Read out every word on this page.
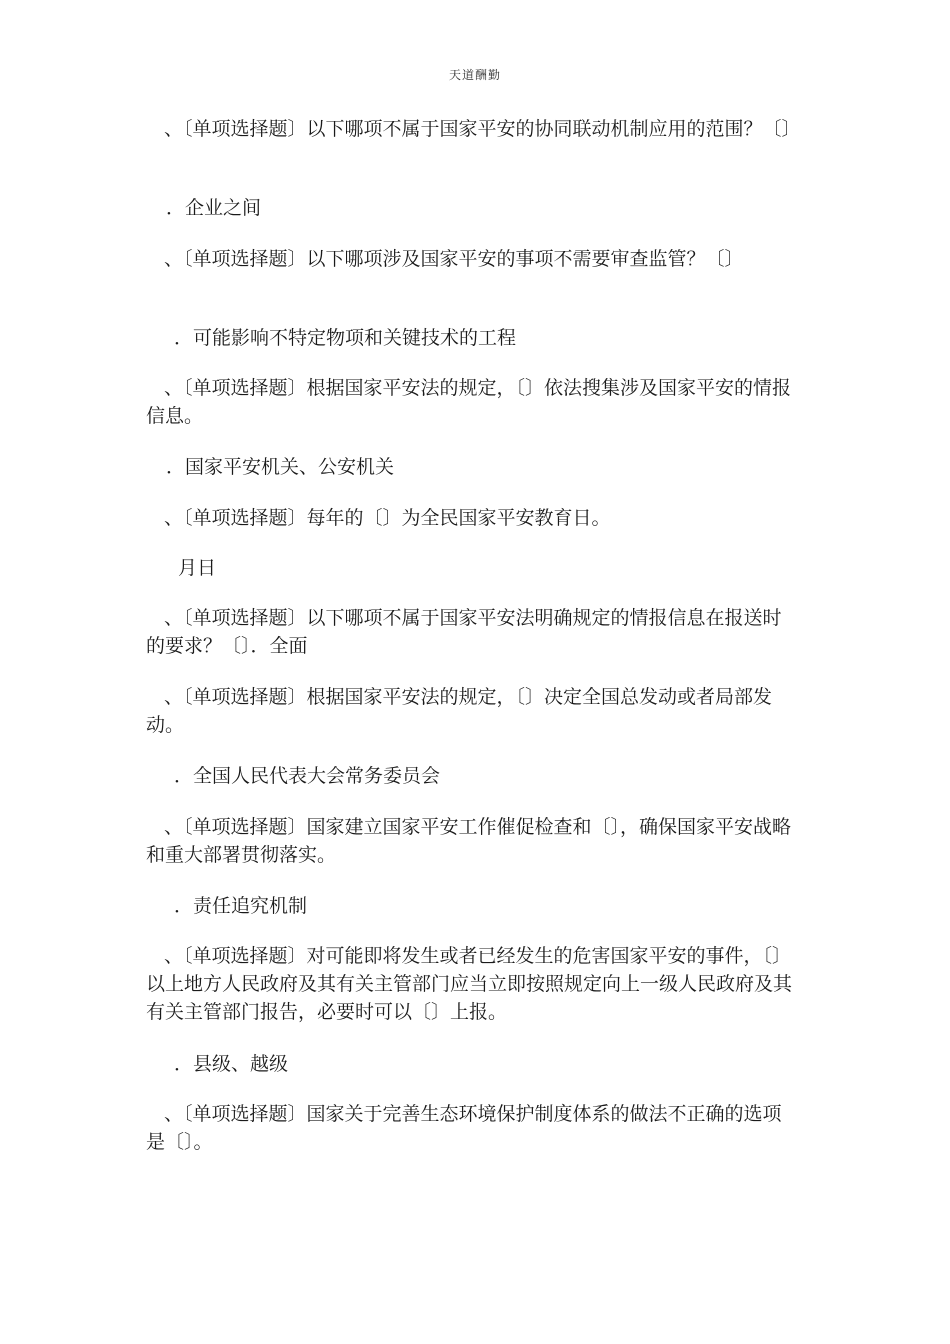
天道酬勤

、〔单项选择题〕以下哪项不属于国家平安的协同联动机制应用的范围？〔〕

．企业之间

、〔单项选择题〕以下哪项涉及国家平安的事项不需要审查监管？〔〕

．可能影响不特定物项和关键技术的工程

、〔单项选择题〕根据国家平安法的规定，〔〕依法搜集涉及国家平安的情报信息。

．国家平安机关、公安机关

、〔单项选择题〕每年的〔〕为全民国家平安教育日。

月日

、〔单项选择题〕以下哪项不属于国家平安法明确规定的情报信息在报送时的要求？〔〕．全面

、〔单项选择题〕根据国家平安法的规定，〔〕决定全国总发动或者局部发动。

．全国人民代表大会常务委员会

、〔单项选择题〕国家建立国家平安工作催促检查和〔〕，确保国家平安战略和重大部署贯彻落实。

．责任追究机制

、〔单项选择题〕对可能即将发生或者已经发生的危害国家平安的事件，〔〕以上地方人民政府及其有关主管部门应当立即按照规定向上一级人民政府及其有关主管部门报告，必要时可以〔〕上报。

．县级、越级

、〔单项选择题〕国家关于完善生态环境保护制度体系的做法不正确的选项是〔〕。
